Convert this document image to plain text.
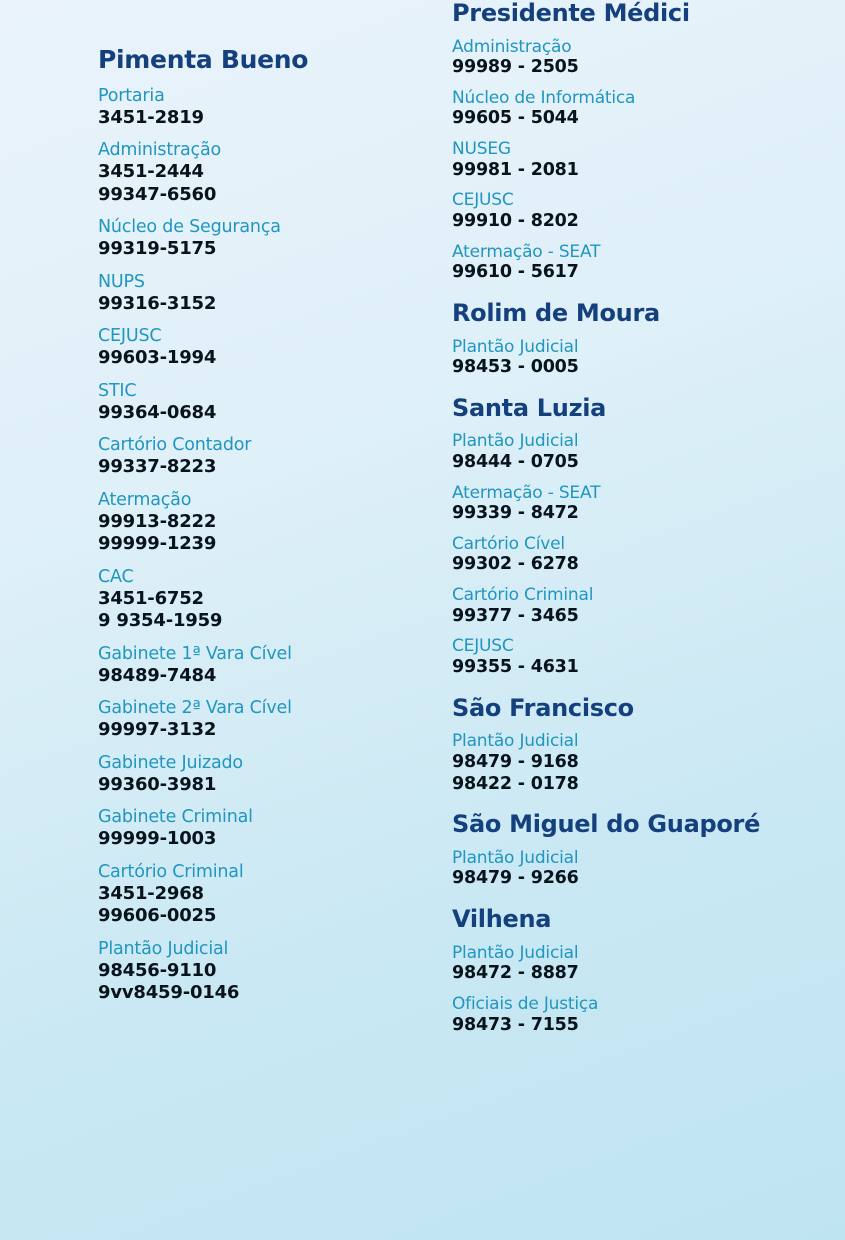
Pimenta Bueno
Portaria
3451-2819
Administração
3451-2444
99347-6560
Núcleo de Segurança
99319-5175
NUPS
99316-3152
CEJUSC
99603-1994
STIC
99364-0684
Cartório Contador
99337-8223
Atermação
99913-8222
99999-1239
CAC
3451-6752
9 9354-1959
Gabinete 1ª Vara Cível
98489-7484
Gabinete 2ª Vara Cível
99997-3132
Gabinete Juizado
99360-3981
Gabinete Criminal
99999-1003
Cartório Criminal
3451-2968
99606-0025
Plantão Judicial
98456-9110
9vv8459-0146
Presidente Médici
Administração
99989 - 2505
Núcleo de Informática
99605 - 5044
NUSEG
99981 - 2081
CEJUSC
99910 - 8202
Atermação - SEAT
99610 - 5617
Rolim de Moura
Plantão Judicial
98453 - 0005
Santa Luzia
Plantão Judicial
98444 - 0705
Atermação - SEAT
99339 - 8472
Cartório Cível
99302 - 6278
Cartório Criminal
99377 - 3465
CEJUSC
99355 - 4631
São Francisco
Plantão Judicial
98479 - 9168
98422 - 0178
São Miguel do Guaporé
Plantão Judicial
98479 - 9266
Vilhena
Plantão Judicial
98472 - 8887
Oficiais de Justiça
98473 - 7155
